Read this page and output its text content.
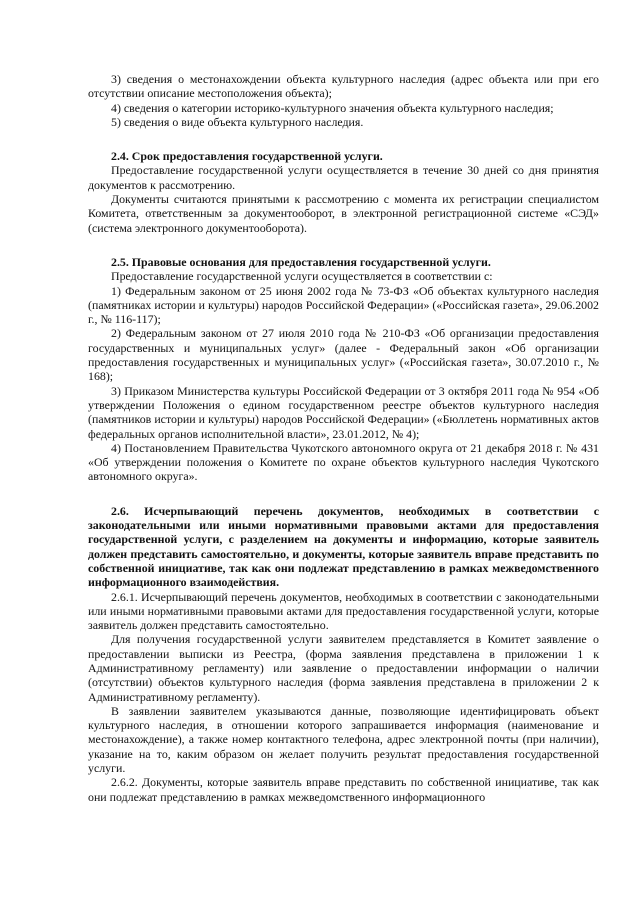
3) сведения о местонахождении объекта культурного наследия (адрес объекта или при его отсутствии описание местоположения объекта);

4) сведения о категории историко-культурного значения объекта культурного наследия;

5) сведения о виде объекта культурного наследия.

2.4. Срок предоставления государственной услуги.

Предоставление государственной услуги осуществляется в течение 30 дней со дня принятия документов к рассмотрению.

Документы считаются принятыми к рассмотрению с момента их регистрации специалистом Комитета, ответственным за документооборот, в электронной регистрационной системе «СЭД» (система электронного документооборота).

2.5. Правовые основания для предоставления государственной услуги.

Предоставление государственной услуги осуществляется в соответствии с:

1) Федеральным законом от 25 июня 2002 года № 73-ФЗ «Об объектах культурного наследия (памятниках истории и культуры) народов Российской Федерации» («Российская газета», 29.06.2002 г., № 116-117);

2) Федеральным законом от 27 июля 2010 года № 210-ФЗ «Об организации предоставления государственных и муниципальных услуг» (далее - Федеральный закон «Об организации предоставления государственных и муниципальных услуг» («Российская газета», 30.07.2010 г., № 168);

3) Приказом Министерства культуры Российской Федерации от 3 октября 2011 года № 954 «Об утверждении Положения о едином государственном реестре объектов культурного наследия (памятников истории и культуры) народов Российской Федерации» («Бюллетень нормативных актов федеральных органов исполнительной власти», 23.01.2012, № 4);

4) Постановлением Правительства Чукотского автономного округа от 21 декабря 2018 г. № 431 «Об утверждении положения о Комитете по охране объектов культурного наследия Чукотского автономного округа».

2.6. Исчерпывающий перечень документов, необходимых в соответствии с законодательными или иными нормативными правовыми актами для предоставления государственной услуги, с разделением на документы и информацию, которые заявитель должен представить самостоятельно, и документы, которые заявитель вправе представить по собственной инициативе, так как они подлежат представлению в рамках межведомственного информационного взаимодействия.

2.6.1. Исчерпывающий перечень документов, необходимых в соответствии с законодательными или иными нормативными правовыми актами для предоставления государственной услуги, которые заявитель должен представить самостоятельно.

Для получения государственной услуги заявителем представляется в Комитет заявление о предоставлении выписки из Реестра, (форма заявления представлена в приложении 1 к Административному регламенту) или заявление о предоставлении информации о наличии (отсутствии) объектов культурного наследия (форма заявления представлена в приложении 2 к Административному регламенту).

В заявлении заявителем указываются данные, позволяющие идентифицировать объект культурного наследия, в отношении которого запрашивается информация (наименование и местонахождение), а также номер контактного телефона, адрес электронной почты (при наличии), указание на то, каким образом он желает получить результат предоставления государственной услуги.

2.6.2. Документы, которые заявитель вправе представить по собственной инициативе, так как они подлежат представлению в рамках межведомственного информационного
